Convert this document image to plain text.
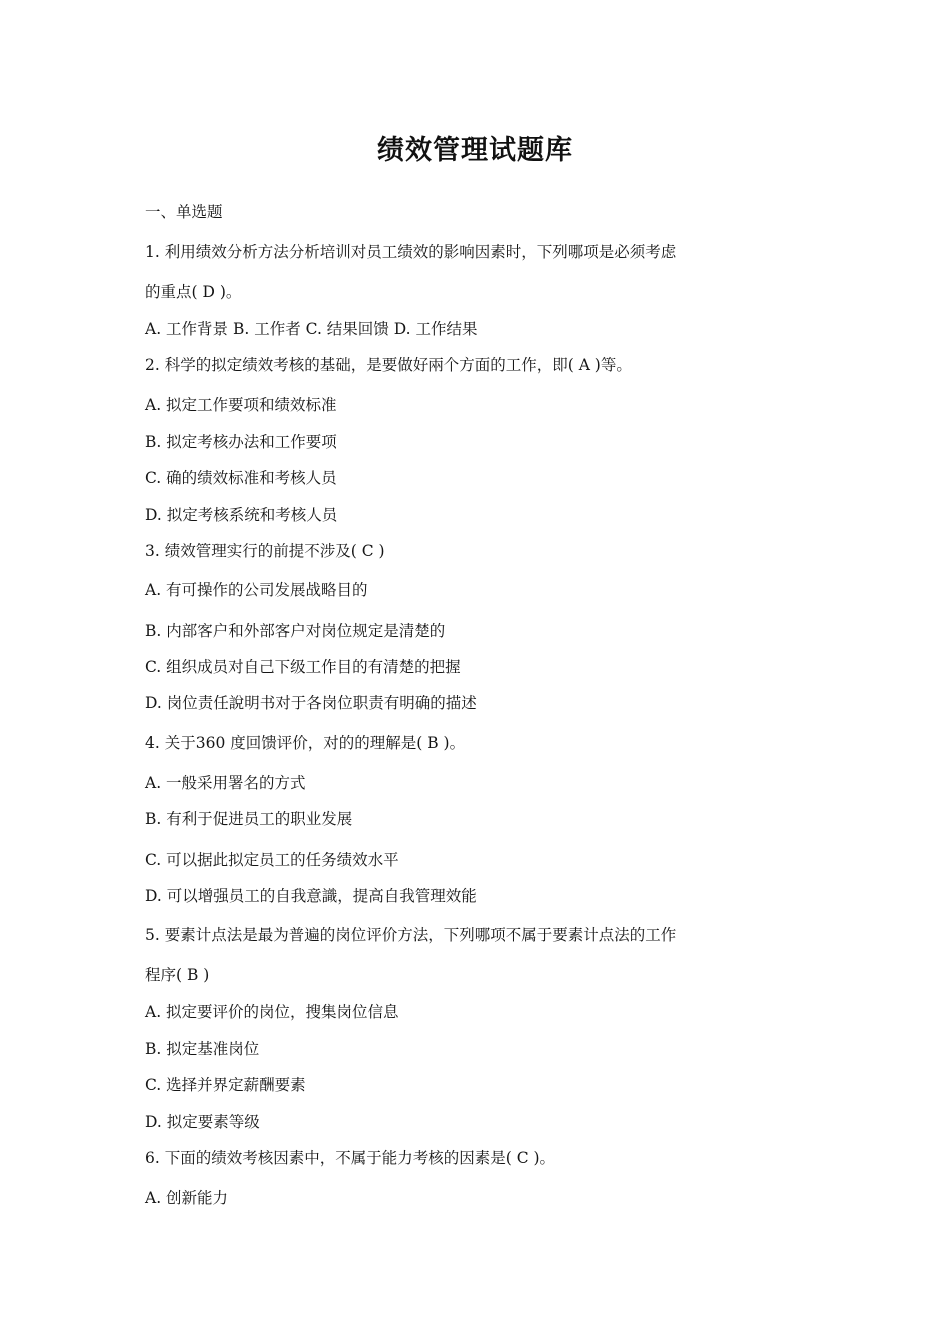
绩效管理试题库
一、单选题
1. 利用绩效分析方法分析培训对员工绩效的影响因素时，下列哪项是必须考虑
的重点( D )。
A. 工作背景 B. 工作者 C. 结果回馈 D. 工作结果
2. 科学的拟定绩效考核的基础，是要做好兩个方面的工作，即( A )等。
A. 拟定工作要项和绩效标准
B. 拟定考核办法和工作要项
C. 确的绩效标准和考核人员
D. 拟定考核系统和考核人员
3. 绩效管理实行的前提不涉及( C )
A. 有可操作的公司发展战略目的
B. 内部客户和外部客户对岗位规定是清楚的
C. 组织成员对自己下级工作目的有清楚的把握
D. 岗位责任說明书对于各岗位职责有明确的描述
4. 关于360 度回馈评价，对的的理解是( B )。
A. 一般采用署名的方式
B. 有利于促进员工的职业发展
C. 可以据此拟定员工的任务绩效水平
D. 可以增强员工的自我意識，提高自我管理效能
5. 要素计点法是最为普遍的岗位评价方法，下列哪项不属于要素计点法的工作
程序( B )
A. 拟定要评价的岗位，搜集岗位信息
B. 拟定基准岗位
C. 选择并界定薪酬要素
D. 拟定要素等级
6. 下面的绩效考核因素中，不属于能力考核的因素是( C )。
A. 创新能力
